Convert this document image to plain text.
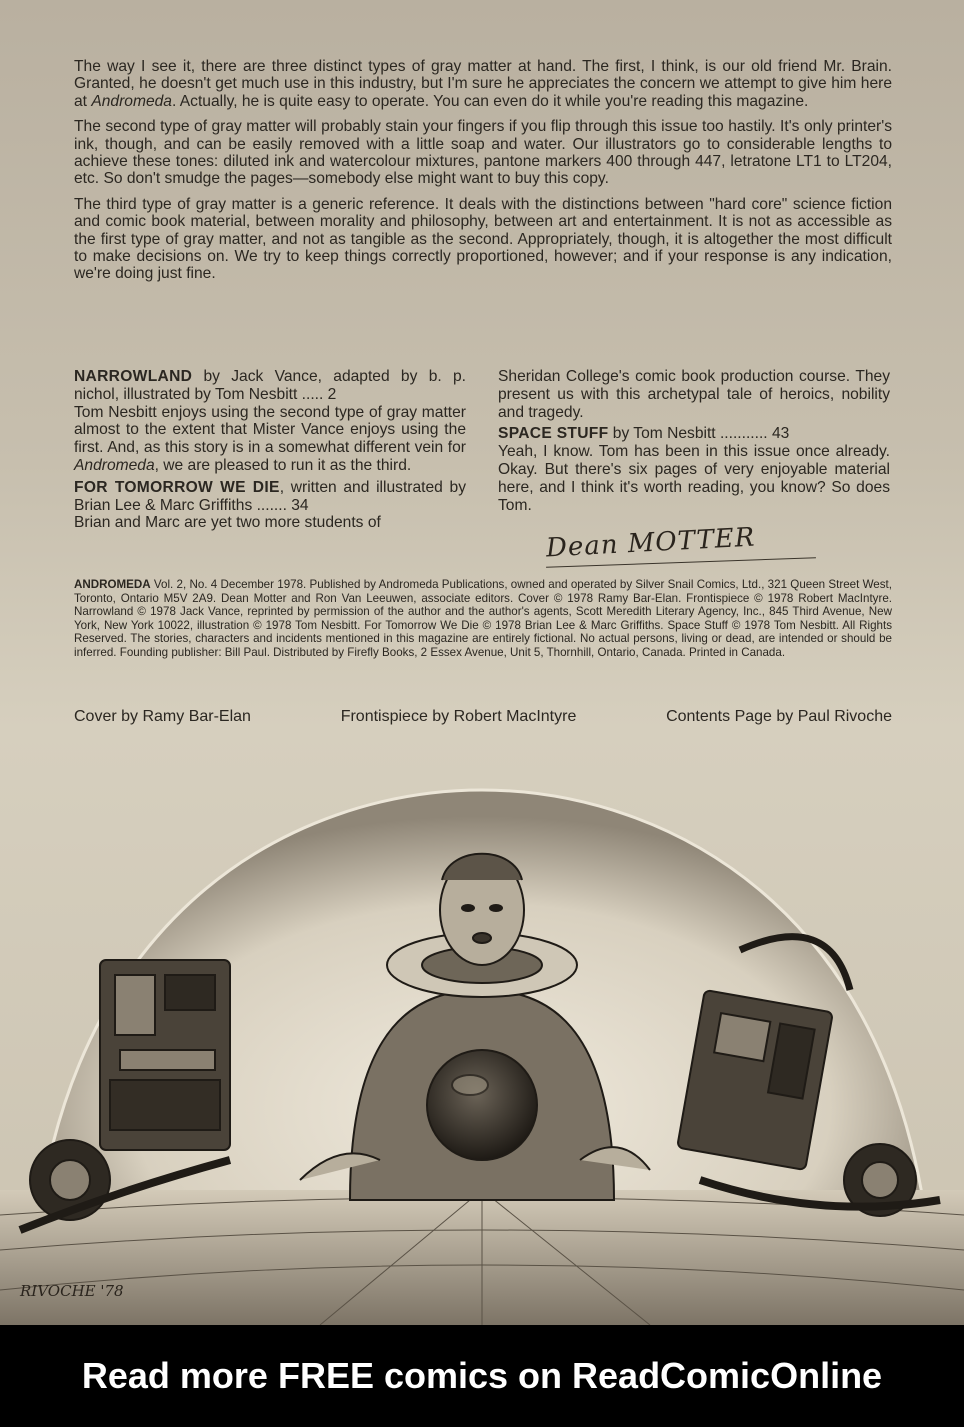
The way I see it, there are three distinct types of gray matter at hand. The first, I think, is our old friend Mr. Brain. Granted, he doesn't get much use in this industry, but I'm sure he appreciates the concern we attempt to give him here at Andromeda. Actually, he is quite easy to operate. You can even do it while you're reading this magazine.

The second type of gray matter will probably stain your fingers if you flip through this issue too hastily. It's only printer's ink, though, and can be easily removed with a little soap and water. Our illustrators go to considerable lengths to achieve these tones: diluted ink and watercolour mixtures, pantone markers 400 through 447, letratone LT1 to LT204, etc. So don't smudge the pages—somebody else might want to buy this copy.

The third type of gray matter is a generic reference. It deals with the distinctions between "hard core" science fiction and comic book material, between morality and philosophy, between art and entertainment. It is not as accessible as the first type of gray matter, and not as tangible as the second. Appropriately, though, it is altogether the most difficult to make decisions on. We try to keep things correctly proportioned, however; and if your response is any indication, we're doing just fine.

NARROWLAND by Jack Vance, adapted by b. p. nichol, illustrated by Tom Nesbitt ..... 2
Tom Nesbitt enjoys using the second type of gray matter almost to the extent that Mister Vance enjoys using the first. And, as this story is in a somewhat different vein for Andromeda, we are pleased to run it as the third.
FOR TOMORROW WE DIE, written and illustrated by Brian Lee & Marc Griffiths ....... 34
Brian and Marc are yet two more students of
Sheridan College's comic book production course. They present us with this archetypal tale of heroics, nobility and tragedy.
SPACE STUFF by Tom Nesbitt ........... 43
Yeah, I know. Tom has been in this issue once already. Okay. But there's six pages of very enjoyable material here, and I think it's worth reading, you know? So does Tom.
Dean MOTTER
ANDROMEDA Vol. 2, No. 4 December 1978. Published by Andromeda Publications, owned and operated by Silver Snail Comics, Ltd., 321 Queen Street West, Toronto, Ontario M5V 2A9. Dean Motter and Ron Van Leeuwen, associate editors. Cover © 1978 Ramy Bar-Elan. Frontispiece © 1978 Robert MacIntyre. Narrowland © 1978 Jack Vance, reprinted by permission of the author and the author's agents, Scott Meredith Literary Agency, Inc., 845 Third Avenue, New York, New York 10022, illustration © 1978 Tom Nesbitt. For Tomorrow We Die © 1978 Brian Lee & Marc Griffiths. Space Stuff © 1978 Tom Nesbitt. All Rights Reserved. The stories, characters and incidents mentioned in this magazine are entirely fictional. No actual persons, living or dead, are intended or should be inferred. Founding publisher: Bill Paul. Distributed by Firefly Books, 2 Essex Avenue, Unit 5, Thornhill, Ontario, Canada. Printed in Canada.
Cover by Ramy Bar-Elan	Frontispiece by Robert MacIntyre	Contents Page by Paul Rivoche
RIVOCHE '78
Read more FREE comics on ReadComicOnline
